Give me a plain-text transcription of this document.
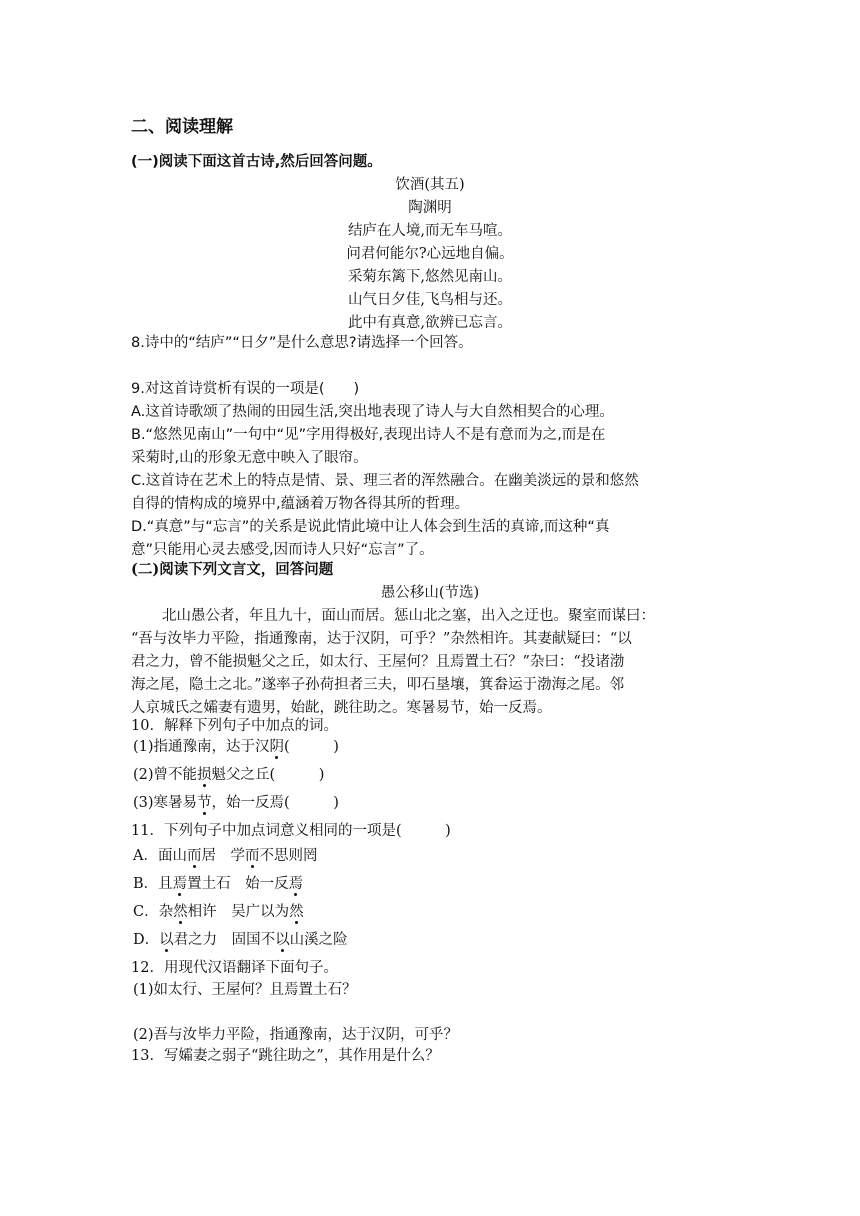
二、阅读理解
(一)阅读下面这首古诗,然后回答问题。
饮酒(其五)
陶渊明
结庐在人境,而无车马喧。
问君何能尔?心远地自偏。
采菊东篱下,悠然见南山。
山气日夕佳,飞鸟相与还。
此中有真意,欲辨已忘言。
8.诗中的“结庐”“日夕”是什么意思?请选择一个回答。
9.对这首诗赏析有误的一项是(　　)
A.这首诗歌颂了热闹的田园生活,突出地表现了诗人与大自然相契合的心理。
B.“悠然见南山”一句中“见”字用得极好,表现出诗人不是有意而为之,而是在
采菊时,山的形象无意中映入了眼帘。
C.这首诗在艺术上的特点是情、景、理三者的浑然融合。在幽美淡远的景和悠然
自得的情构成的境界中,蕴涵着万物各得其所的哲理。
D.“真意”与“忘言”的关系是说此情此境中让人体会到生活的真谛,而这种“真
意”只能用心灵去感受,因而诗人只好“忘言”了。
(二)阅读下列文言文，回答问题
愚公移山(节选)
北山愚公者，年且九十，面山而居。惩山北之塞，出入之迂也。聚室而谋曰：
“吾与汝毕力平险，指通豫南，达于汉阴，可乎？”杂然相许。其妻献疑曰：“以
君之力，曾不能损魁父之丘，如太行、王屋何？且焉置土石？”杂曰：“投诸渤
海之尾，隐土之北。”遂率子孙荷担者三夫，叩石垦壤，箕畚运于渤海之尾。邻
人京城氏之孀妻有遗男，始龀，跳往助之。寒暑易节，始一反焉。
10．解释下列句子中加点的词。
(1)指通豫南，达于汉阴(　　　)
(2)曾不能损魁父之丘(　　　)
(3)寒暑易节，始一反焉(　　　)
11．下列句子中加点词意义相同的一项是(　　　)
A．面山而居　学而不思则罔
B．且焉置土石　始一反焉
C．杂然相许　吴广以为然
D．以君之力　固国不以山溪之险
12．用现代汉语翻译下面句子。
(1)如太行、王屋何？且焉置土石？
(2)吾与汝毕力平险，指通豫南，达于汉阴，可乎？
13．写孀妻之弱子“跳往助之”，其作用是什么？
